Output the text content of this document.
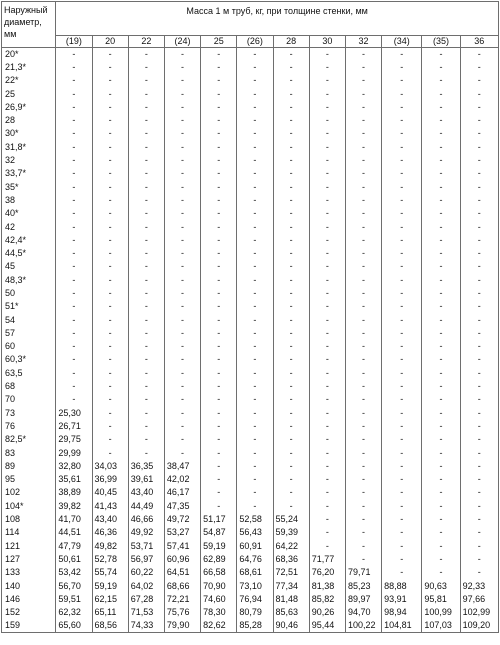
Наружный
диаметр,
мм	Масса 1 м труб, кг, при толщине стенки, мм											
	(19)	20	22	(24)	25	(26)	28	30	32	(34)	(35)	36
20*	-	-	-	-	-	-	-	-	-	-	-	-
21,3*	-	-	-	-	-	-	-	-	-	-	-	-
22*	-	-	-	-	-	-	-	-	-	-	-	-
25	-	-	-	-	-	-	-	-	-	-	-	-
26,9*	-	-	-	-	-	-	-	-	-	-	-	-
28	-	-	-	-	-	-	-	-	-	-	-	-
30*	-	-	-	-	-	-	-	-	-	-	-	-
31,8*	-	-	-	-	-	-	-	-	-	-	-	-
32	-	-	-	-	-	-	-	-	-	-	-	-
33,7*	-	-	-	-	-	-	-	-	-	-	-	-
35*	-	-	-	-	-	-	-	-	-	-	-	-
38	-	-	-	-	-	-	-	-	-	-	-	-
40*	-	-	-	-	-	-	-	-	-	-	-	-
42	-	-	-	-	-	-	-	-	-	-	-	-
42,4*	-	-	-	-	-	-	-	-	-	-	-	-
44,5*	-	-	-	-	-	-	-	-	-	-	-	-
45	-	-	-	-	-	-	-	-	-	-	-	-
48,3*	-	-	-	-	-	-	-	-	-	-	-	-
50	-	-	-	-	-	-	-	-	-	-	-	-
51*	-	-	-	-	-	-	-	-	-	-	-	-
54	-	-	-	-	-	-	-	-	-	-	-	-
57	-	-	-	-	-	-	-	-	-	-	-	-
60	-	-	-	-	-	-	-	-	-	-	-	-
60,3*	-	-	-	-	-	-	-	-	-	-	-	-
63,5	-	-	-	-	-	-	-	-	-	-	-	-
68	-	-	-	-	-	-	-	-	-	-	-	-
70	-	-	-	-	-	-	-	-	-	-	-	-
73	25,30	-	-	-	-	-	-	-	-	-	-	-
76	26,71	-	-	-	-	-	-	-	-	-	-	-
82,5*	29,75	-	-	-	-	-	-	-	-	-	-	-
83	29,99	-	-	-	-	-	-	-	-	-	-	-
89	32,80	34,03	36,35	38,47	-	-	-	-	-	-	-	-
95	35,61	36,99	39,61	42,02	-	-	-	-	-	-	-	-
102	38,89	40,45	43,40	46,17	-	-	-	-	-	-	-	-
104*	39,82	41,43	44,49	47,35	-	-	-	-	-	-	-	-
108	41,70	43,40	46,66	49,72	51,17	52,58	55,24	-	-	-	-	-
114	44,51	46,36	49,92	53,27	54,87	56,43	59,39	-	-	-	-	-
121	47,79	49,82	53,71	57,41	59,19	60,91	64,22	-	-	-	-	-
127	50,61	52,78	56,97	60,96	62,89	64,76	68,36	71,77	-	-	-	-
133	53,42	55,74	60,22	64,51	66,58	68,61	72,51	76,20	79,71	-	-	-
140	56,70	59,19	64,02	68,66	70,90	73,10	77,34	81,38	85,23	88,88	90,63	92,33
146	59,51	62,15	67,28	72,21	74,60	76,94	81,48	85,82	89,97	93,91	95,81	97,66
152	62,32	65,11	71,53	75,76	78,30	80,79	85,63	90,26	94,70	98,94	100,99	102,99
159	65,60	68,56	74,33	79,90	82,62	85,28	90,46	95,44	100,22	104,81	107,03	109,20
